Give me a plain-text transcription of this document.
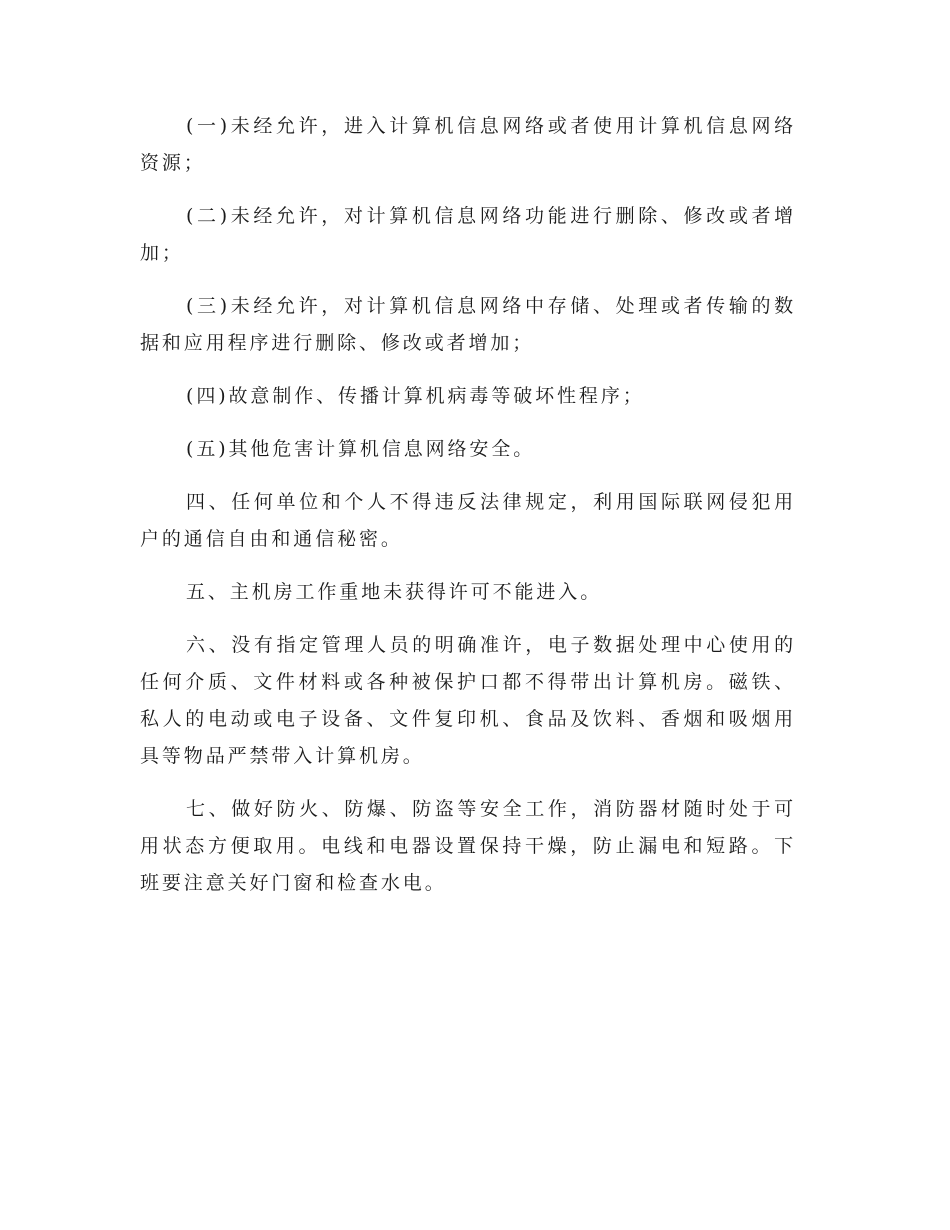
(一)未经允许，进入计算机信息网络或者使用计算机信息网络资源；

(二)未经允许，对计算机信息网络功能进行删除、修改或者增加；

(三)未经允许，对计算机信息网络中存储、处理或者传输的数据和应用程序进行删除、修改或者增加；

(四)故意制作、传播计算机病毒等破坏性程序；

(五)其他危害计算机信息网络安全。

四、任何单位和个人不得违反法律规定，利用国际联网侵犯用户的通信自由和通信秘密。

五、主机房工作重地未获得许可不能进入。

六、没有指定管理人员的明确准许，电子数据处理中心使用的任何介质、文件材料或各种被保护口都不得带出计算机房。磁铁、私人的电动或电子设备、文件复印机、食品及饮料、香烟和吸烟用具等物品严禁带入计算机房。

七、做好防火、防爆、防盗等安全工作，消防器材随时处于可用状态方便取用。电线和电器设置保持干燥，防止漏电和短路。下班要注意关好门窗和检查水电。
